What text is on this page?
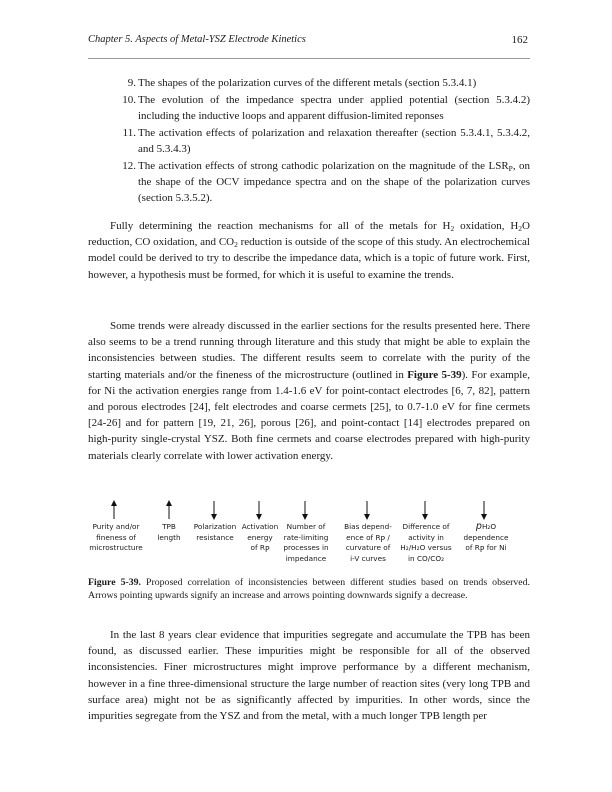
Chapter 5. Aspects of Metal-YSZ Electrode Kinetics	162
9. The shapes of the polarization curves of the different metals (section 5.3.4.1)
10. The evolution of the impedance spectra under applied potential (section 5.3.4.2) including the inductive loops and apparent diffusion-limited reponses
11. The activation effects of polarization and relaxation thereafter (section 5.3.4.1, 5.3.4.2, and 5.3.4.3)
12. The activation effects of strong cathodic polarization on the magnitude of the $LSR_P$, on the shape of the OCV impedance spectra and on the shape of the polarization curves (section 5.3.5.2).
Fully determining the reaction mechanisms for all of the metals for $H_2$ oxidation, $H_2O$ reduction, CO oxidation, and $CO_2$ reduction is outside of the scope of this study. An electrochemical model could be derived to try to describe the impedance data, which is a topic of future work. First, however, a hypothesis must be formed, for which it is useful to examine the trends.
Some trends were already discussed in the earlier sections for the results presented here. There also seems to be a trend running through literature and this study that might be able to explain the inconsistencies between studies. The different results seem to correlate with the purity of the starting materials and/or the fineness of the microstructure (outlined in Figure 5-39). For example, for Ni the activation energies range from 1.4-1.6 eV for point-contact electrodes [6, 7, 82], pattern and porous electrodes [24], felt electrodes and coarse cermets [25], to 0.7-1.0 eV for fine cermets [24-26] and for pattern [19, 21, 26], porous [26], and point-contact [14] electrodes prepared on high-purity single-crystal YSZ. Both fine cermets and coarse electrodes prepared with high-purity materials clearly correlate with lower activation energy.
Purity and/or
fineness of
microstructure
TPB
length
Polarization
resistance
Activation
energy
of $R_P$
Number of
rate-limiting
processes in
impedance
Bias depend-
ence of $R_P$ /
curvature of
i-V curves
Difference of
activity in
H₂/H₂O versus
in CO/CO₂
pH₂O
dependence
of $R_P$ for Ni
Figure 5-39. Proposed correlation of inconsistencies between different studies based on trends observed. Arrows pointing upwards signify an increase and arrows pointing downwards signify a decrease.
In the last 8 years clear evidence that impurities segregate and accumulate the TPB has been found, as discussed earlier. These impurities might be responsible for all of the observed inconsistencies. Finer microstructures might improve performance by a different mechanism, however in a fine three-dimensional structure the large number of reaction sites (very long TPB and surface area) might not be as significantly affected by impurities. In other words, since the impurities segregate from the YSZ and from the metal, with a much longer TPB length per
